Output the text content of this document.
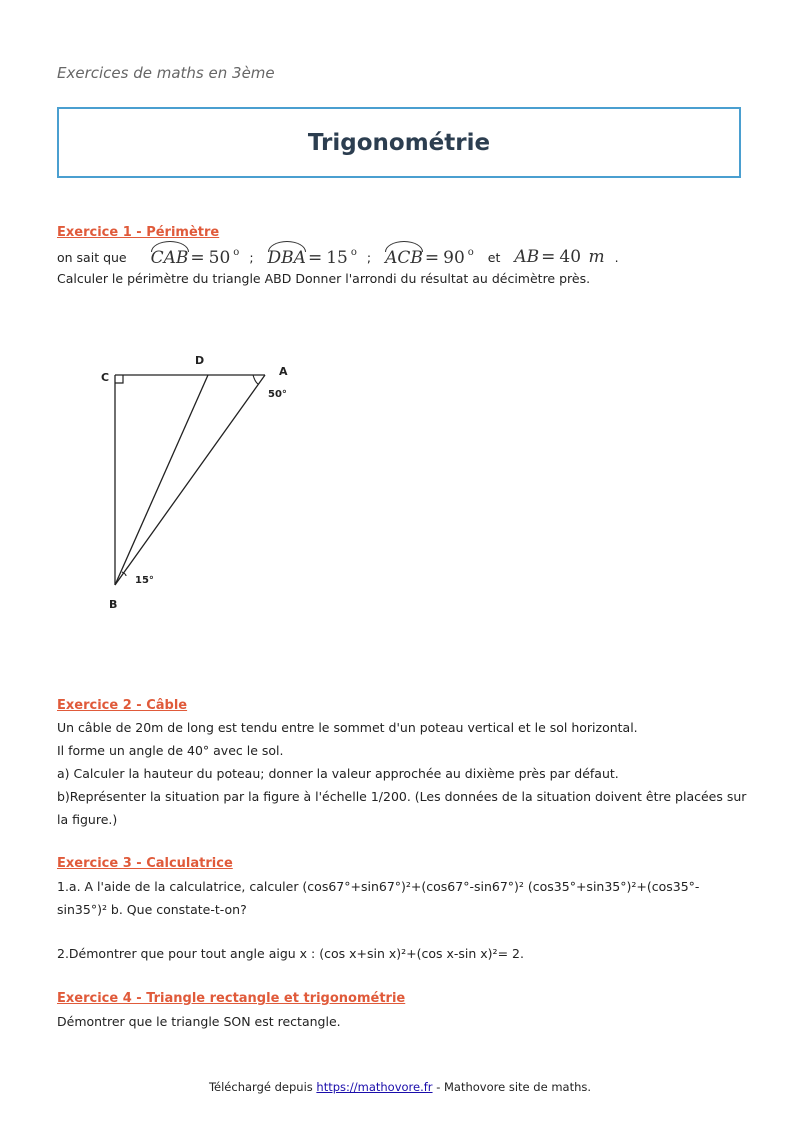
Exercices de maths en 3ème
Trigonométrie
Exercice 1 - Périmètre
on sait que CAB = 50 $^o$ ; DBA = 15 $^o$ ; ACB = 90 $^o$ et AB = 40 m .
Calculer le périmètre du triangle ABD Donner l'arrondi du résultat au décimètre près.
C
D
A
B
50°
15°
Exercice 2 - Câble

Un câble de 20m de long est tendu entre le sommet d'un poteau vertical et le sol horizontal.

Il forme un angle de 40° avec le sol.

a) Calculer la hauteur du poteau; donner la valeur approchée au dixième près par défaut.

b)Représenter la situation par la figure à l'échelle 1/200. (Les données de la situation doivent être placées sur la figure.)

Exercice 3 - Calculatrice
1.a. A l'aide de la calculatrice, calculer (cos67°+sin67°)²+(cos67°-sin67°)² (cos35°+sin35°)²+(cos35°-sin35°)² b. Que constate-t-on?
2.Démontrer que pour tout angle aigu x : (cos x+sin x)²+(cos x-sin x)²= 2.
Exercice 4 - Triangle rectangle et trigonométrie
Démontrer que le triangle SON est rectangle.
Téléchargé depuis https://mathovore.fr - Mathovore site de maths.
